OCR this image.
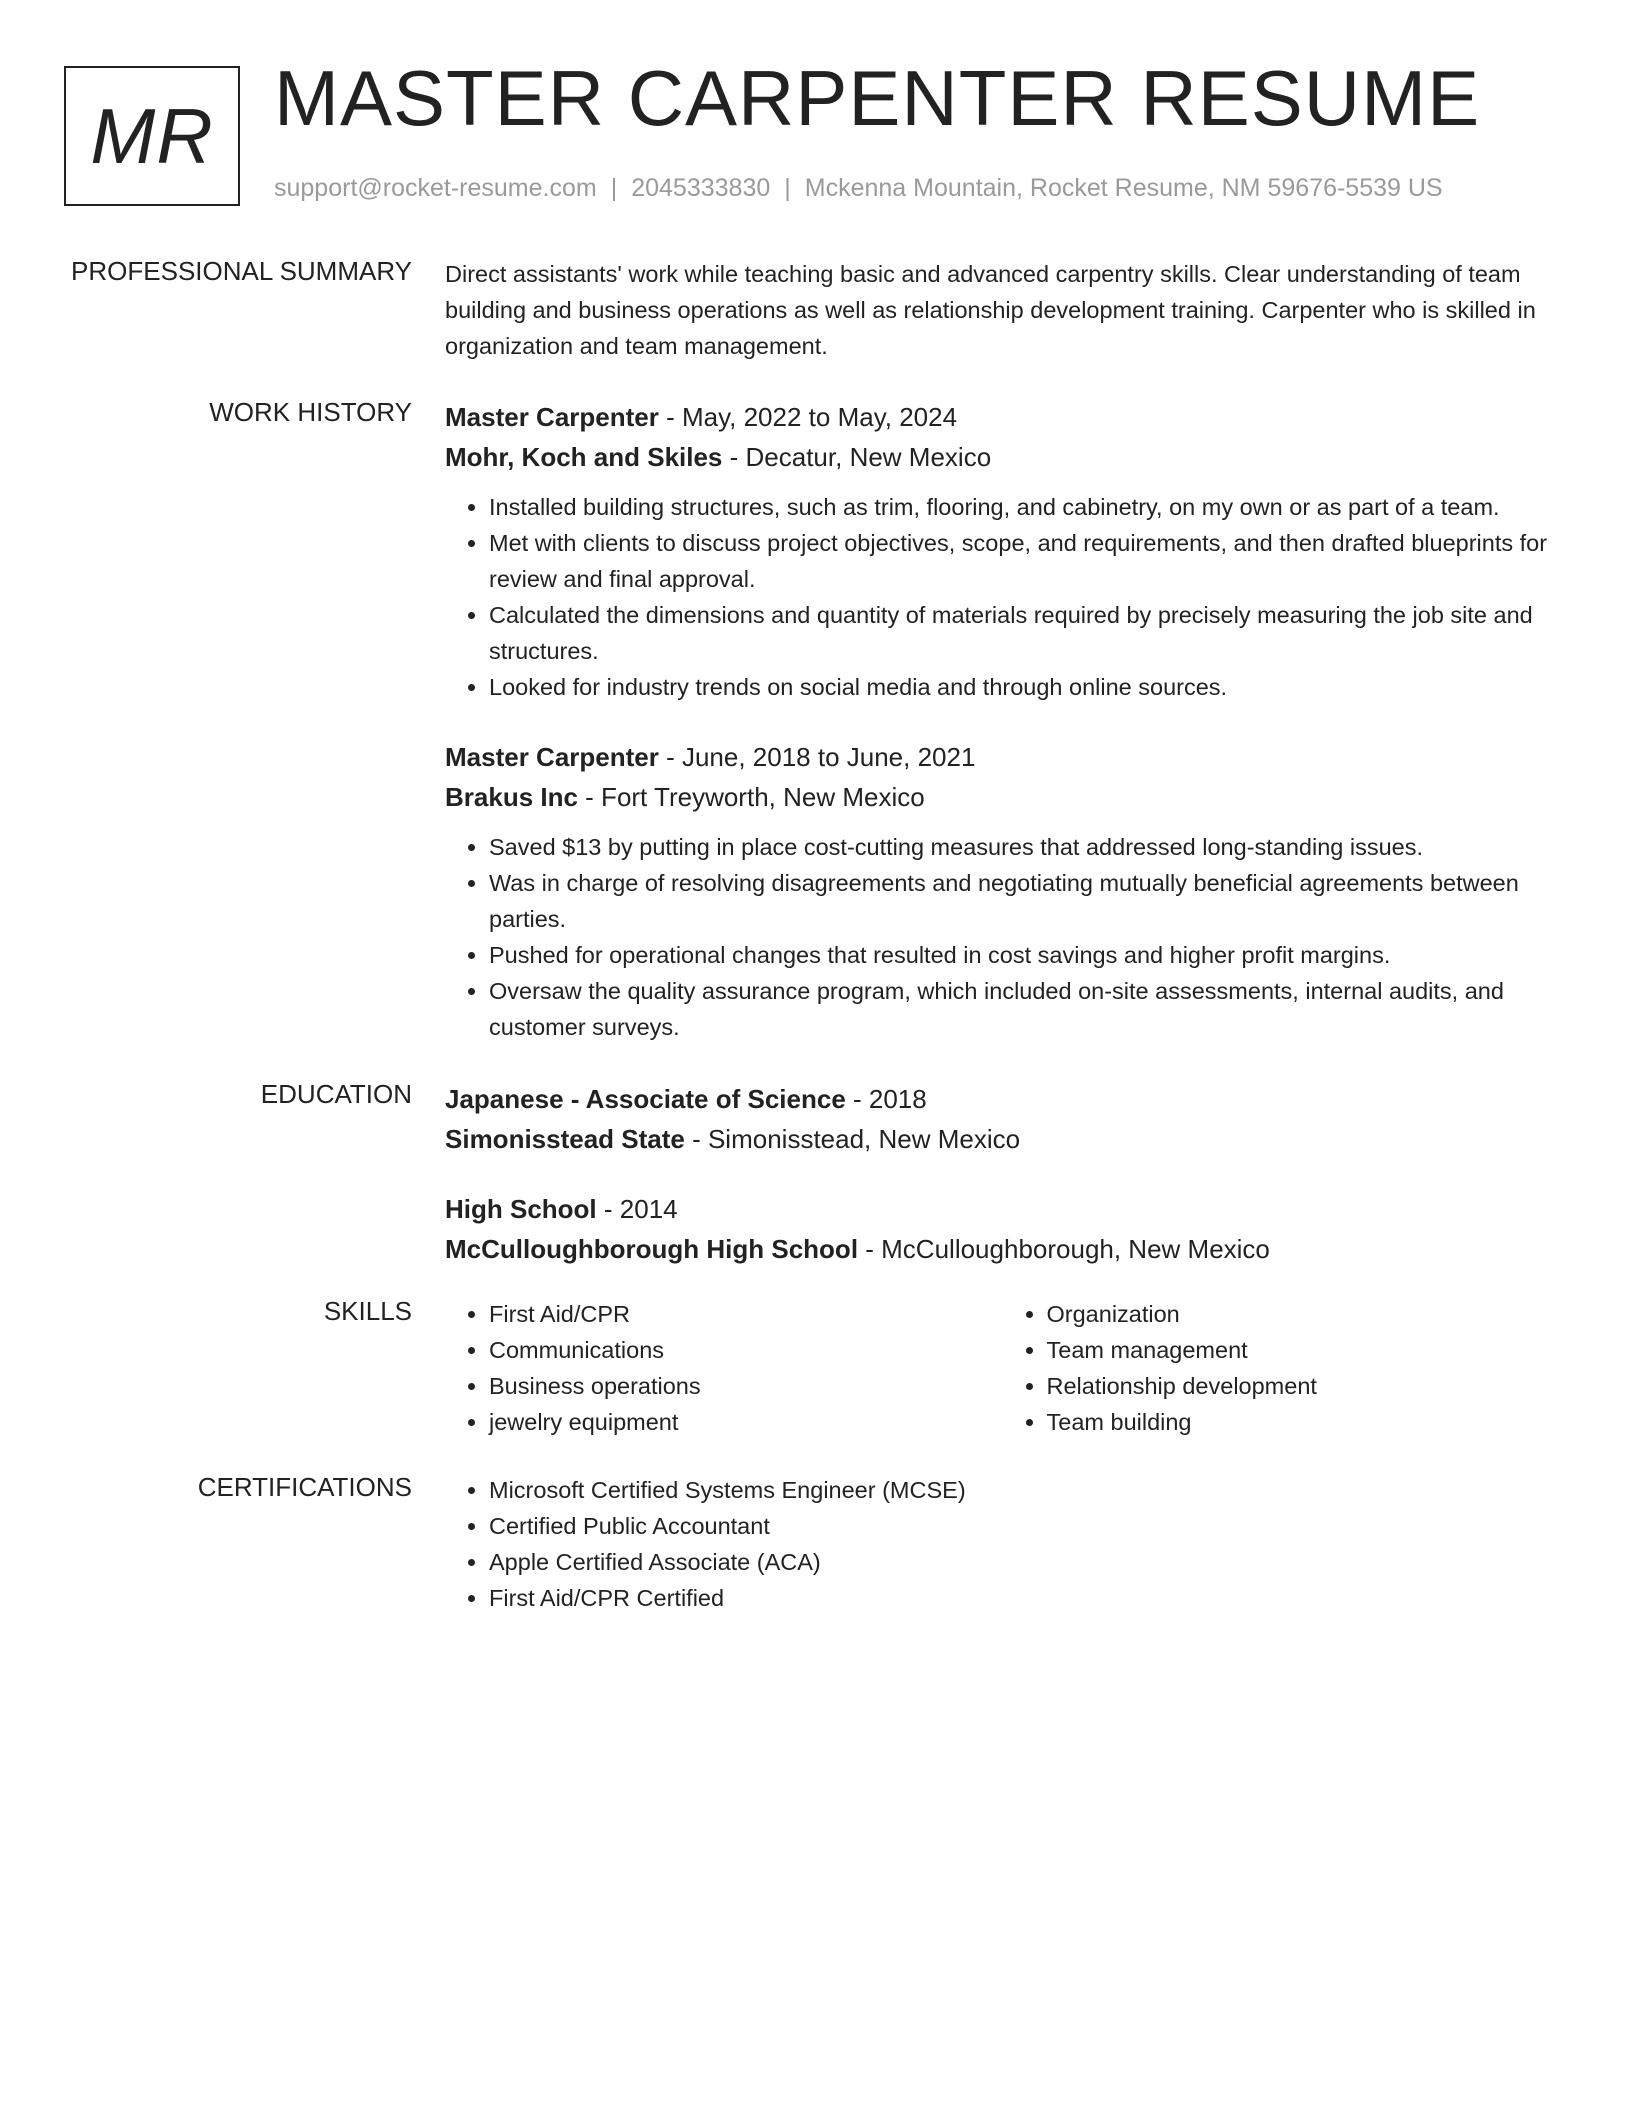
MR MASTER CARPENTER RESUME
support@rocket-resume.com | 2045333830 | Mckenna Mountain, Rocket Resume, NM 59676-5539 US
PROFESSIONAL SUMMARY Direct assistants' work while teaching basic and advanced carpentry skills. Clear understanding of team building and business operations as well as relationship development training. Carpenter who is skilled in organization and team management.

WORK HISTORY Master Carpenter - May, 2022 to May, 2024
Mohr, Koch and Skiles - Decatur, New Mexico
• Installed building structures, such as trim, flooring, and cabinetry, on my own or as part of a team.
• Met with clients to discuss project objectives, scope, and requirements, and then drafted blueprints for review and final approval.
• Calculated the dimensions and quantity of materials required by precisely measuring the job site and structures.
• Looked for industry trends on social media and through online sources.
Master Carpenter - June, 2018 to June, 2021
Brakus Inc - Fort Treyworth, New Mexico
• Saved $13 by putting in place cost-cutting measures that addressed long-standing issues.
• Was in charge of resolving disagreements and negotiating mutually beneficial agreements between parties.
• Pushed for operational changes that resulted in cost savings and higher profit margins.
• Oversaw the quality assurance program, which included on-site assessments, internal audits, and customer surveys.
EDUCATION Japanese - Associate of Science - 2018
Simonisstead State - Simonisstead, New Mexico
High School - 2014
McCulloughborough High School - McCulloughborough, New Mexico
SKILLS	• First Aid/CPR
• Communications
• Business operations
• jewelry equipment
• Organization
• Team management
• Relationship development
• Team building
CERTIFICATIONS	• Microsoft Certified Systems Engineer (MCSE)
• Certified Public Accountant
• Apple Certified Associate (ACA)
• First Aid/CPR Certified
